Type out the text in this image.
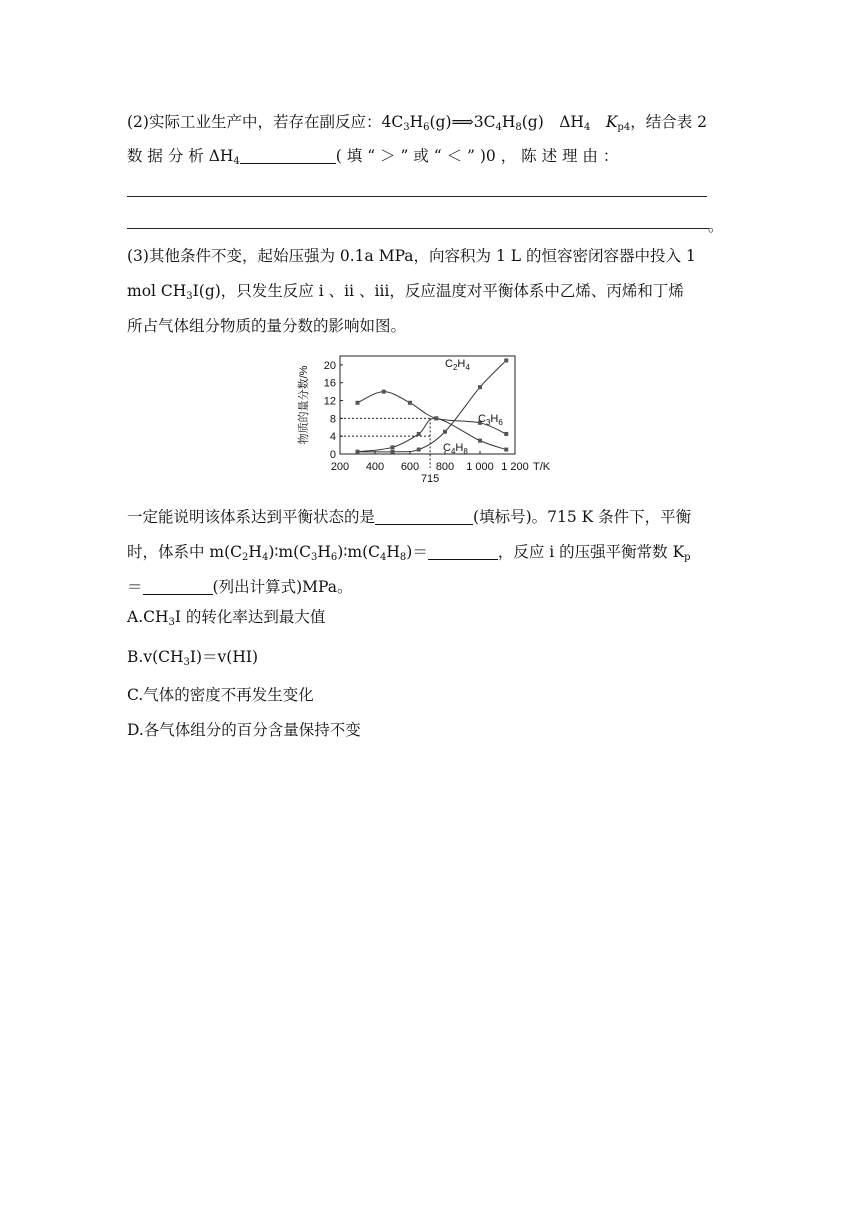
(2)实际工业生产中，若存在副反应：$4C_3H_6(g)⟹3C_4H_8(g)$　$\Delta H_4$　$K_{p4}$，结合表 2
数 据 分 析 $\Delta H_4$	( 填 “ ＞ ” 或 “ ＜ ” )0 ， 陈 述 理 由 ：
。
(3)其他条件不变，起始压强为 0.1a MPa，向容积为 1 L 的恒容密闭容器中投入 1
mol $CH_3I(g)$，只发生反应 ⅰ 、ⅱ 、ⅲ，反应温度对平衡体系中乙烯、丙烯和丁烯
所占气体组分物质的量分数的影响如图。
715
0
4
8
12
16
20
200 400 600 800 1 000 1 200
物质的量分数/%
T/K
$C_2H_4$
$C_3H_6$
$C_4H_8$
一定能说明该体系达到平衡状态的是	(填标号)。715 K 条件下，平衡
时，体系中 $m(C_2H_4)∶m(C_3H_6)∶m(C_4H_8)=$	，反应 ⅰ 的压强平衡常数 $K_p$
＝	(列出计算式)MPa。
$A.CH_3I$ 的转化率达到最大值
$B.v(CH_3I)=v(HI)$
C.气体的密度不再发生变化
D.各气体组分的百分含量保持不变
